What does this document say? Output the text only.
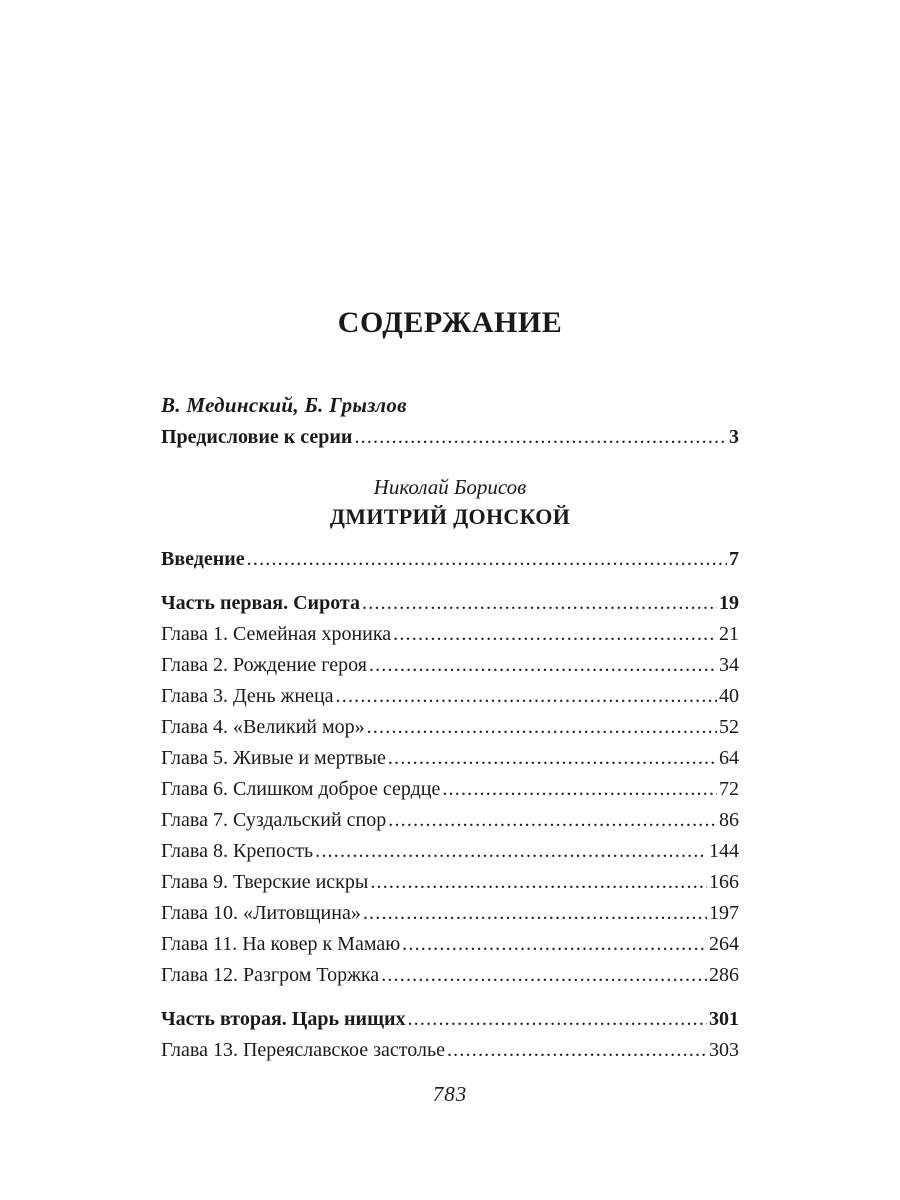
СОДЕРЖАНИЕ
В. Мединский, Б. Грызлов
Предисловие к серии .....	3
Николай Борисов
ДМИТРИЙ ДОНСКОЙ
Введение .....	7
Часть первая. Сирота .....	19
Глава 1. Семейная хроника .....	21
Глава 2. Рождение героя .....	34
Глава 3. День жнеца .....	40
Глава 4. «Великий мор» .....	52
Глава 5. Живые и мертвые .....	64
Глава 6. Слишком доброе сердце .....	72
Глава 7. Суздальский спор .....	86
Глава 8. Крепость .....	144
Глава 9. Тверские искры .....	166
Глава 10. «Литовщина» .....	197
Глава 11. На ковер к Мамаю .....	264
Глава 12. Разгром Торжка .....	286
Часть вторая. Царь нищих .....	301
Глава 13. Переяславское застолье .....	303
783
